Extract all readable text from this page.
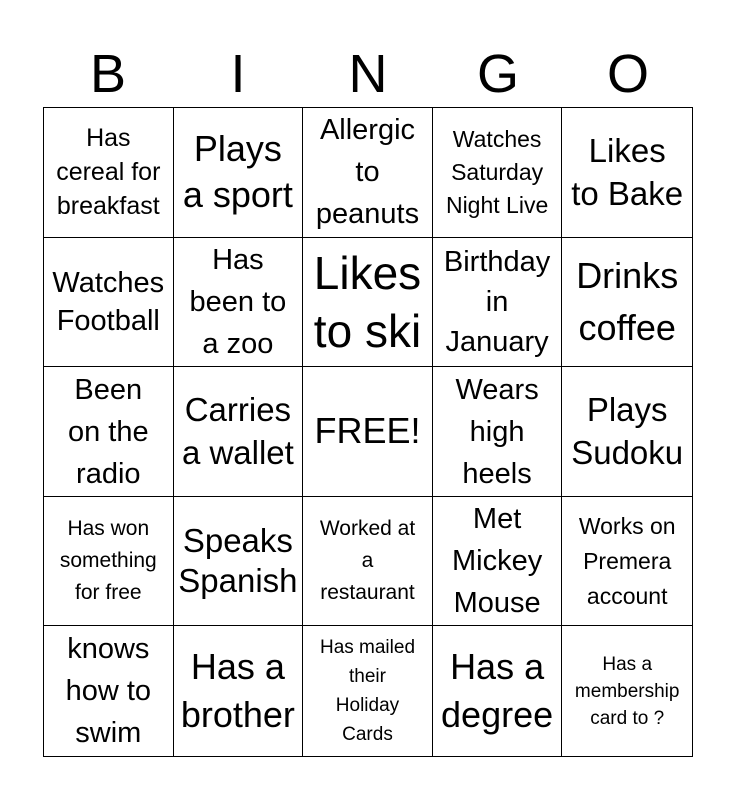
B	I	N	G	O
Has
cereal for
breakfast
Plays
a sport
Allergic
to
peanuts
Watches
Saturday
Night Live
Likes
to Bake
Watches
Football
Has
been to
a zoo
Likes
to ski
Birthday
in
January
Drinks
coffee
Been
on the
radio
Carries
a wallet
FREE!
Wears
high
heels
Plays
Sudoku
Has won
something
for free
Speaks
Spanish
Worked at
a
restaurant
Met
Mickey
Mouse
Works on
Premera
account
knows
how to
swim
Has a
brother
Has mailed
their
Holiday
Cards
Has a
degree
Has a
membership
card to ?
